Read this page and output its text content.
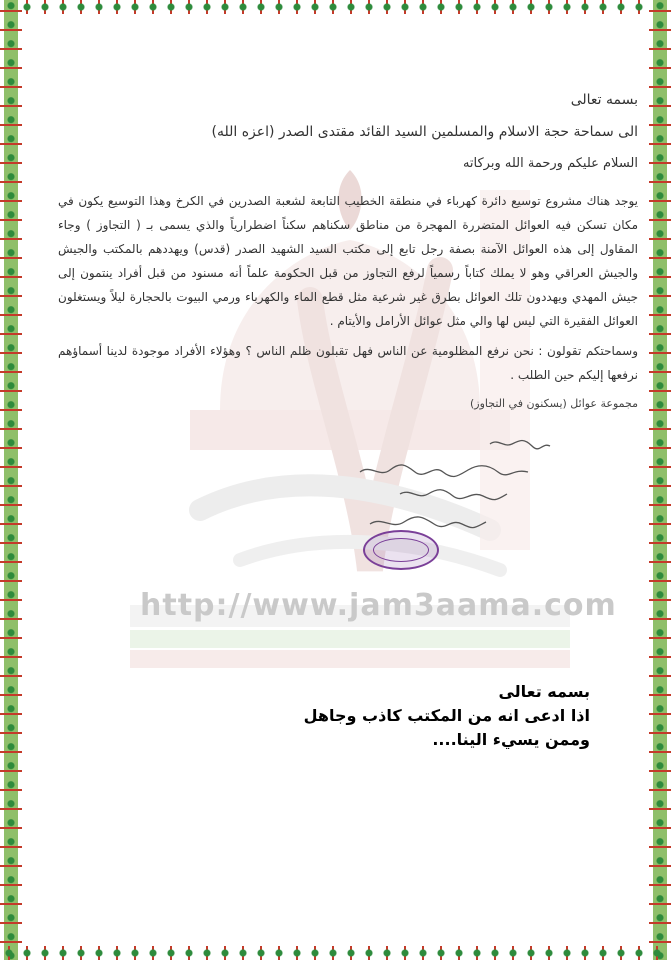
http://www.jam3aama.com

بسمه تعالى

الى سماحة حجة الاسلام والمسلمين السيد القائد مقتدى الصدر (اعزه الله)

السلام عليكم ورحمة الله وبركاته

يوجد هناك مشروع توسيع دائرة كهرباء في منطقة الخطيب التابعة لشعبة الصدرين في الكرخ وهذا التوسيع يكون في مكان تسكن فيه العوائل المتضررة المهجرة من مناطق سكناهم سكناً اضطرارياً والذي يسمى بـ ( التجاوز ) وجاء المقاول إلى هذه العوائل الآمنة بصفة رجل تابع إلى مكتب السيد الشهيد الصدر (قدس) ويهددهم بالمكتب والجيش والجيش العراقي وهو لا يملك كتاباً رسمياً لرفع التجاوز من قبل الحكومة علماً أنه مسنود من قبل أفراد ينتمون إلى جيش المهدي ويهددون تلك العوائل بطرق غير شرعية مثل قطع الماء والكهرباء ورمي البيوت بالحجارة ليلاً ويستغلون العوائل الفقيرة التي ليس لها والي مثل عوائل الأرامل والأيتام .

وسماحتكم تقولون : نحن نرفع المظلومية عن الناس فهل تقبلون ظلم الناس ؟ وهؤلاء الأفراد موجودة لدينا أسماؤهم نرفعها إليكم حين الطلب .

مجموعة عوائل (يسكنون في التجاوز)

بسمه تعالى
اذا ادعى انه من المكتب كاذب وجاهل
وممن يسيء الينا....
